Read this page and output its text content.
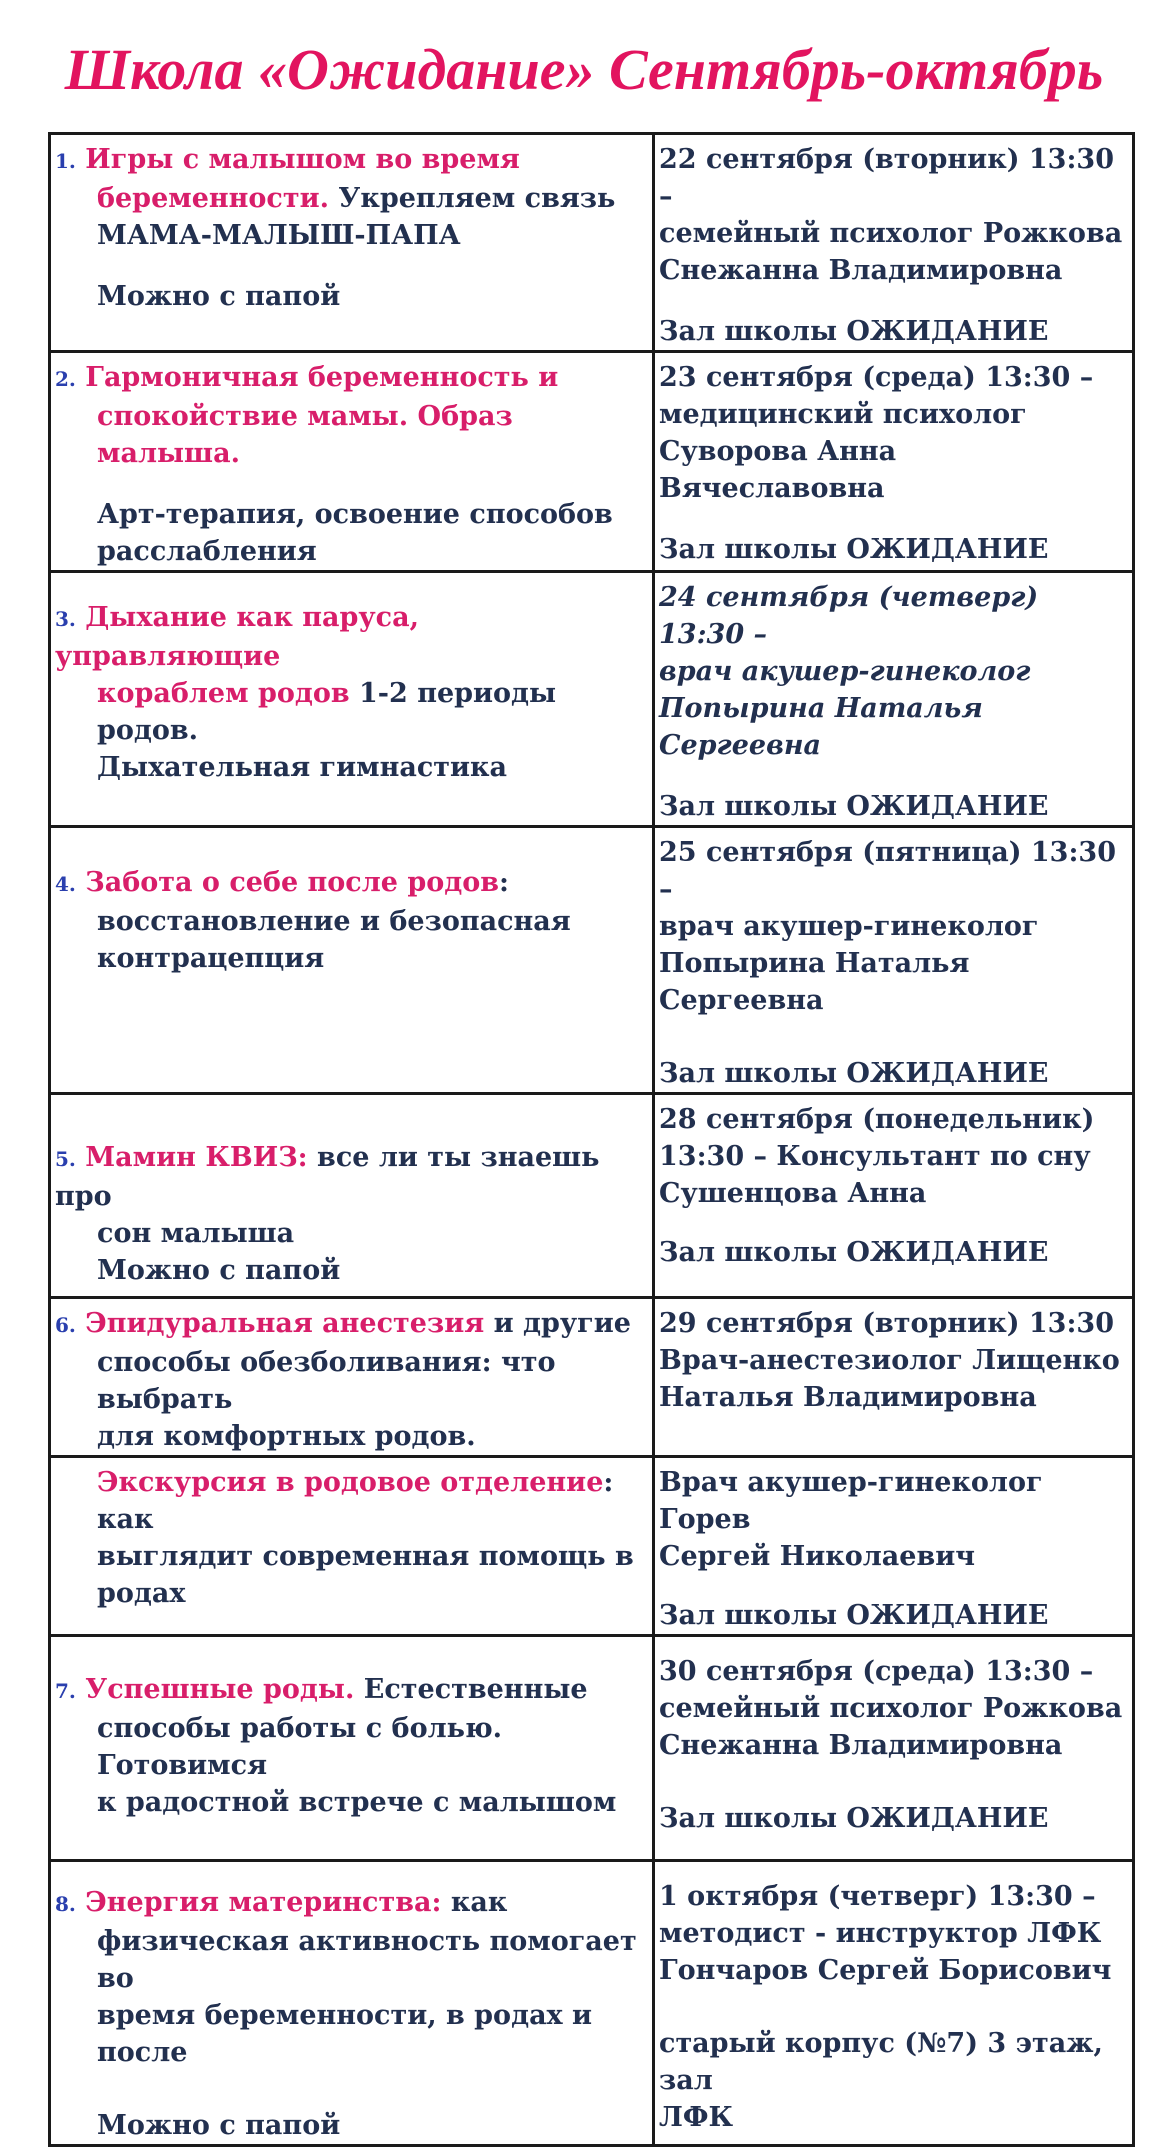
Школа «Ожидание» Сентябрь-октябрь
1. Игры с малышом во время
беременности. Укрепляем связь
МАМА-МАЛЫШ-ПАПА
Можно с папой	22 сентября (вторник) 13:30 –
семейный психолог Рожкова
Снежанна Владимировна
Зал школы ОЖИДАНИЕ

2. Гармоничная беременность и
спокойствие мамы. Образ малыша.
Арт-терапия, освоение способов
расслабления	23 сентября (среда) 13:30 –
медицинский психолог
Суворова Анна Вячеславовна
Зал школы ОЖИДАНИЕ

3. Дыхание как паруса, управляющие
кораблем родов 1-2 периоды родов.
Дыхательная гимнастика	24 сентября (четверг) 13:30 –
врач акушер-гинеколог
Попырина Наталья Сергеевна
Зал школы ОЖИДАНИЕ

4. Забота о себе после родов:
восстановление и безопасная
контрацепция	25 сентября (пятница) 13:30 –
врач акушер-гинеколог
Попырина Наталья Сергеевна
Зал школы ОЖИДАНИЕ

5. Мамин КВИЗ: все ли ты знаешь про
сон малыша
Можно с папой	28 сентября (понедельник)
13:30 – Консультант по сну
Сушенцова Анна
Зал школы ОЖИДАНИЕ

6. Эпидуральная анестезия и другие
способы обезболивания: что выбрать
для комфортных родов.	29 сентября (вторник) 13:30
Врач-анестезиолог Лищенко
Наталья Владимировна

Экскурсия в родовое отделение: как
выглядит современная помощь в
родах	Врач акушер-гинеколог Горев
Сергей Николаевич
Зал школы ОЖИДАНИЕ

7. Успешные роды. Естественные
способы работы с болью. Готовимся
к радостной встрече с малышом	30 сентября (среда) 13:30 –
семейный психолог Рожкова
Снежанна Владимировна
Зал школы ОЖИДАНИЕ

8. Энергия материнства: как
физическая активность помогает во
время беременности, в родах и после
Можно с папой	1 октября (четверг) 13:30 –
методист - инструктор ЛФК
Гончаров Сергей Борисович
старый корпус (№7) 3 этаж, зал
ЛФК
